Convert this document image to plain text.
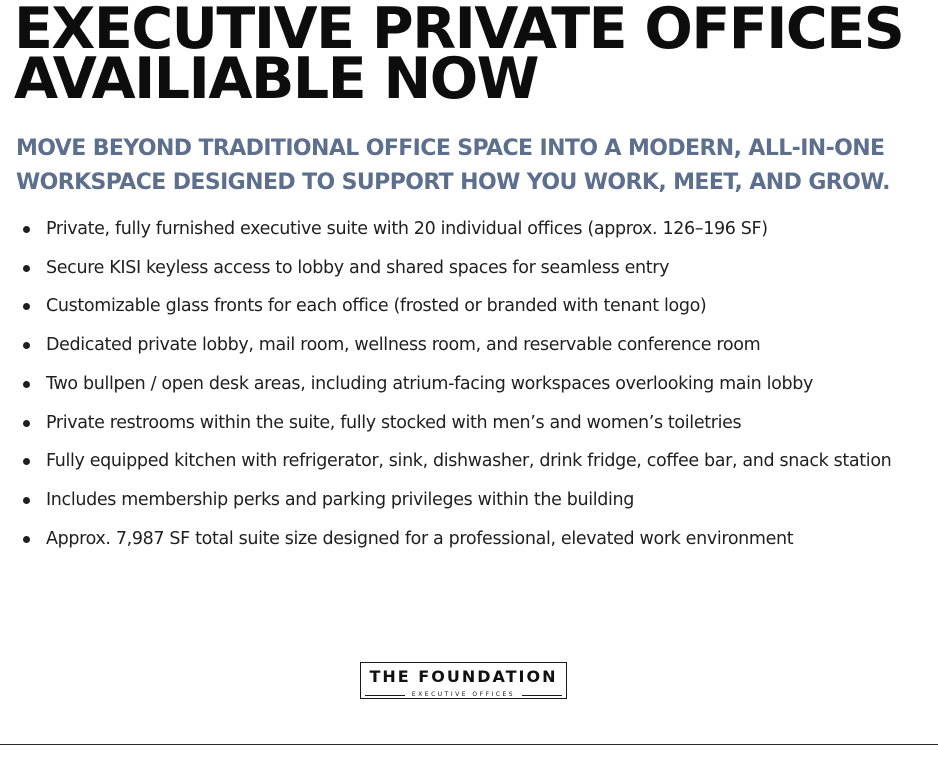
EXECUTIVE PRIVATE OFFICES
AVAILIABLE NOW
MOVE BEYOND TRADITIONAL OFFICE SPACE INTO A MODERN, ALL-IN-ONE
WORKSPACE DESIGNED TO SUPPORT HOW YOU WORK, MEET, AND GROW.
Private, fully furnished executive suite with 20 individual offices (approx. 126–196 SF)
Secure KISI keyless access to lobby and shared spaces for seamless entry
Customizable glass fronts for each office (frosted or branded with tenant logo)
Dedicated private lobby, mail room, wellness room, and reservable conference room
Two bullpen / open desk areas, including atrium-facing workspaces overlooking main lobby
Private restrooms within the suite, fully stocked with men’s and women’s toiletries
Fully equipped kitchen with refrigerator, sink, dishwasher, drink fridge, coffee bar, and snack station
Includes membership perks and parking privileges within the building
Approx. 7,987 SF total suite size designed for a professional, elevated work environment
THE FOUNDATION
EXECUTIVE OFFICES
